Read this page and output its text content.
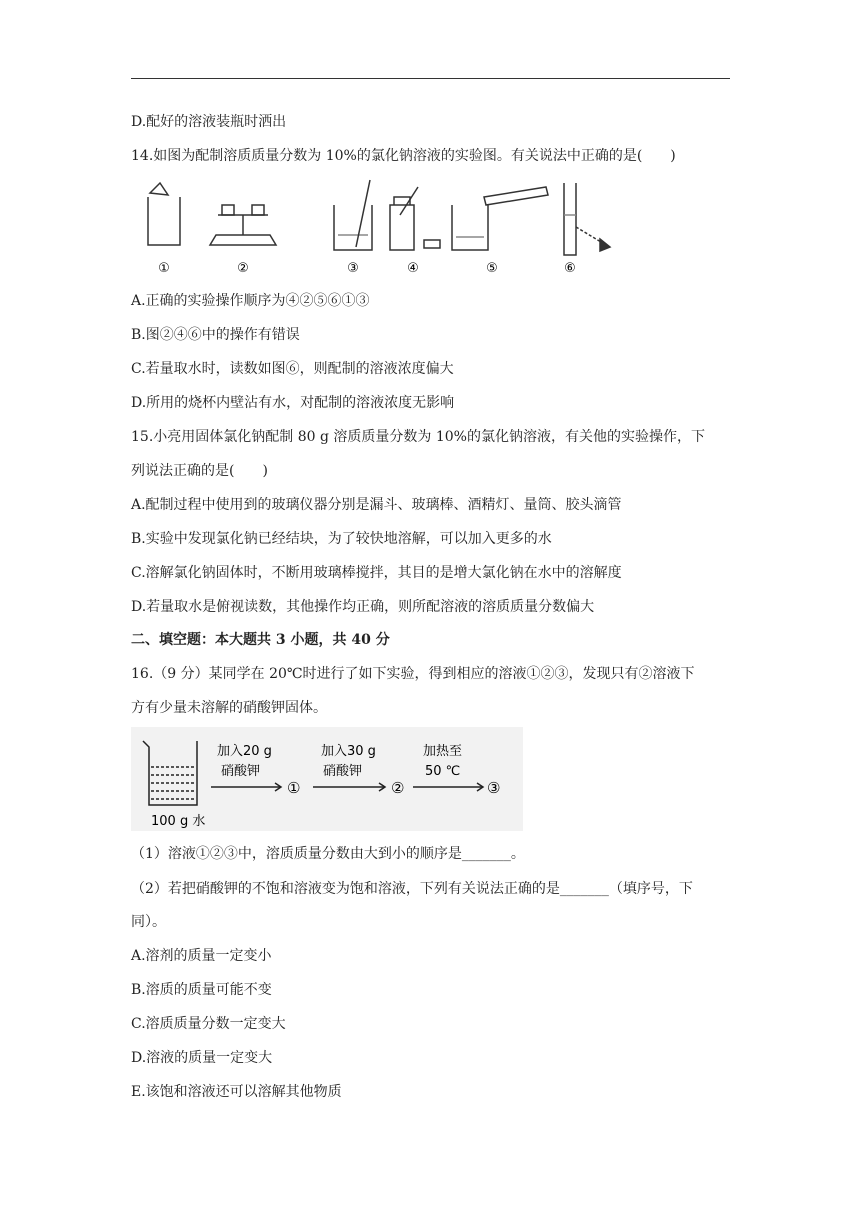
D.配好的溶液装瓶时洒出
14.如图为配制溶质质量分数为 10%的氯化钠溶液的实验图。有关说法中正确的是(　　)
①	②	③	④	⑤	⑥
A.正确的实验操作顺序为④②⑤⑥①③
B.图②④⑥中的操作有错误
C.若量取水时，读数如图⑥，则配制的溶液浓度偏大
D.所用的烧杯内壁沾有水，对配制的溶液浓度无影响
15.小亮用固体氯化钠配制 80 g 溶质质量分数为 10%的氯化钠溶液，有关他的实验操作，下
列说法正确的是(　　)
A.配制过程中使用到的玻璃仪器分别是漏斗、玻璃棒、酒精灯、量筒、胶头滴管
B.实验中发现氯化钠已经结块，为了较快地溶解，可以加入更多的水
C.溶解氯化钠固体时，不断用玻璃棒搅拌，其目的是增大氯化钠在水中的溶解度
D.若量取水是俯视读数，其他操作均正确，则所配溶液的溶质质量分数偏大
二、填空题：本大题共 3 小题，共 40 分
16.（9 分）某同学在 20℃时进行了如下实验，得到相应的溶液①②③，发现只有②溶液下
方有少量未溶解的硝酸钾固体。
100 g 水
加入20 g
硝酸钾
①
加入30 g
硝酸钾
②
加热至
50 ℃
③
（1）溶液①②③中，溶质质量分数由大到小的顺序是_______。
（2）若把硝酸钾的不饱和溶液变为饱和溶液，下列有关说法正确的是_______（填序号，下
同）。
A.溶剂的质量一定变小
B.溶质的质量可能不变
C.溶质质量分数一定变大
D.溶液的质量一定变大
E.该饱和溶液还可以溶解其他物质
